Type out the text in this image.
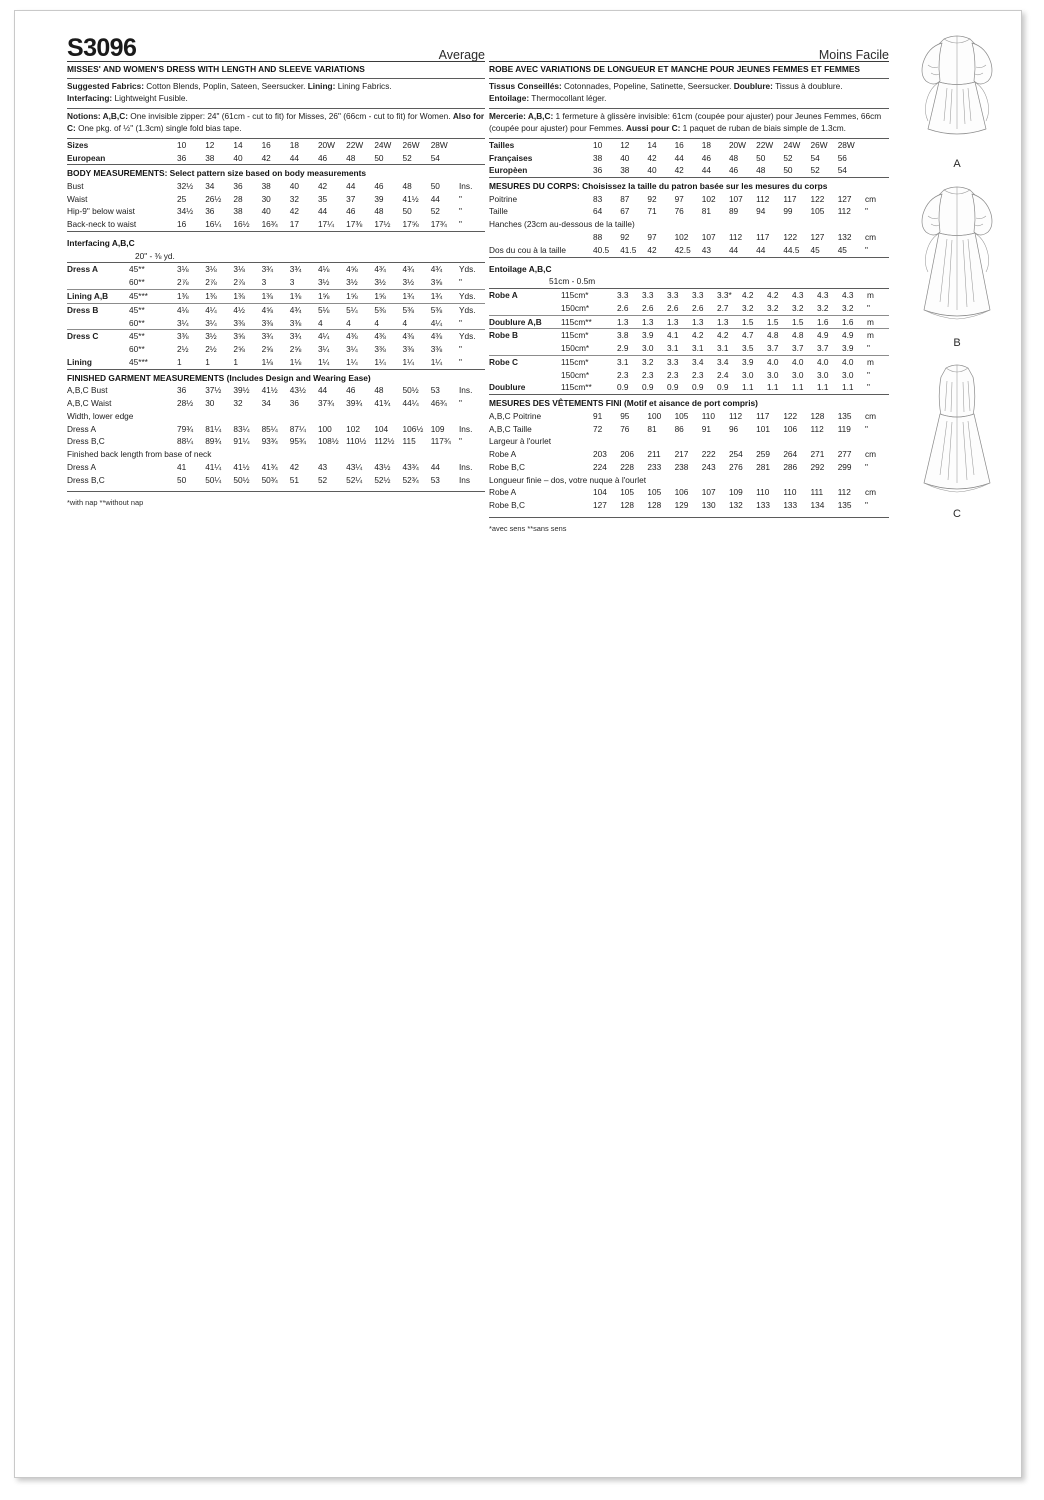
S3096	Average
MISSES' AND WOMEN'S DRESS WITH LENGTH AND SLEEVE VARIATIONS
Suggested Fabrics: Cotton Blends, Poplin, Sateen, Seersucker. Lining: Lining Fabrics.
Interfacing: Lightweight Fusible.
Notions: A,B,C: One invisible zipper: 24" (61cm - cut to fit) for Misses, 26" (66cm - cut to fit) for Women. Also for C: One pkg. of ½" (1.3cm) single fold bias tape.
Sizes	10	12	14	16	18	20W	22W	24W	26W	28W	
European	36	38	40	42	44	46	48	50	52	54	
BODY MEASUREMENTS: Select pattern size based on body measurements
Bust	32½	34	36	38	40	42	44	46	48	50	Ins.
Waist	25	26½	28	30	32	35	37	39	41½	44	"
Hip-9" below waist	34½	36	38	40	42	44	46	48	50	52	"
Back-neck to waist	16	16¼	16½	16¾	17	17¼	17⅜	17½	17⅝	17¾	"
Interfacing A,B,C
20" - ⅜ yd.
Dress A	45**	3⅛	3⅛	3⅛	3¾	3¾	4⅛	4⅝	4¾	4¾	4¾	Yds.
	60**	2⅞	2⅞	2⅞	3	3	3½	3½	3½	3½	3⅝	"
Lining A,B	45***	1⅜	1⅜	1⅜	1⅜	1⅜	1⅝	1⅝	1⅝	1¾	1¾	Yds.
Dress B	45**	4⅛	4¼	4½	4⅝	4¾	5⅛	5¼	5⅜	5⅜	5⅜	Yds.
	60**	3¼	3¼	3⅜	3⅜	3⅜	4	4	4	4	4¼	"
Dress C	45**	3⅜	3½	3⅝	3¾	3¾	4¼	4⅜	4⅜	4⅜	4⅜	Yds.
	60**	2½	2½	2⅝	2⅝	2⅝	3¼	3¼	3⅜	3⅜	3⅜	"
Lining	45***	1	1	1	1⅛	1⅛	1¼	1¼	1¼	1¼	1¼	"
FINISHED GARMENT MEASUREMENTS (Includes Design and Wearing Ease)
A,B,C Bust	36	37½	39½	41½	43½	44	46	48	50½	53	Ins.
A,B,C Waist	28½	30	32	34	36	37¾	39¾	41¾	44¼	46¾	"
Width, lower edge
Dress A	79¾	81¼	83¼	85¼	87¼	100	102	104	106½	109	Ins.
Dress B,C	88¼	89¾	91¼	93¾	95¾	108½	110½	112½	115	117¾	"
Finished back length from base of neck
Dress A	41	41¼	41½	41¾	42	43	43¼	43½	43¾	44	Ins.
Dress B,C	50	50¼	50½	50¾	51	52	52¼	52½	52¾	53	Ins
*with nap **without nap
Moins Facile
ROBE AVEC VARIATIONS DE LONGUEUR ET MANCHE POUR JEUNES FEMMES ET FEMMES
Tissus Conseillés: Cotonnades, Popeline, Satinette, Seersucker. Doublure: Tissus à doublure.
Entoilage: Thermocollant léger.
Mercerie: A,B,C: 1 fermeture à glissère invisible: 61cm (coupée pour ajuster) pour Jeunes Femmes, 66cm (coupée pour ajuster) pour Femmes. Aussi pour C: 1 paquet de ruban de biais simple de 1.3cm.
Tailles	10	12	14	16	18	20W	22W	24W	26W	28W	
Françaises	38	40	42	44	46	48	50	52	54	56	
Europèen	36	38	40	42	44	46	48	50	52	54	
MESURES DU CORPS: Choisissez la taille du patron basée sur les mesures du corps
Poitrine	83	87	92	97	102	107	112	117	122	127	cm
Taille	64	67	71	76	81	89	94	99	105	112	"
Hanches (23cm au-dessous de la taille)
	88	92	97	102	107	112	117	122	127	132	cm
Dos du cou à la taille	40.5	41.5	42	42.5	43	44	44	44.5	45	45	"
Entoilage A,B,C
51cm - 0.5m
Robe A	115cm*	3.3	3.3	3.3	3.3	3.3*	4.2	4.2	4.3	4.3	4.3	m
	150cm*	2.6	2.6	2.6	2.6	2.7	3.2	3.2	3.2	3.2	3.2	"
Doublure A,B	115cm**	1.3	1.3	1.3	1.3	1.3	1.5	1.5	1.5	1.6	1.6	m
Robe B	115cm*	3.8	3.9	4.1	4.2	4.2	4.7	4.8	4.8	4.9	4.9	m
	150cm*	2.9	3.0	3.1	3.1	3.1	3.5	3.7	3.7	3.7	3.9	"
Robe C	115cm*	3.1	3.2	3.3	3.4	3.4	3.9	4.0	4.0	4.0	4.0	m
	150cm*	2.3	2.3	2.3	2.3	2.4	3.0	3.0	3.0	3.0	3.0	"
Doublure	115cm**	0.9	0.9	0.9	0.9	0.9	1.1	1.1	1.1	1.1	1.1	"
MESURES DES VÊTEMENTS FINI (Motif et aisance de port compris)
A,B,C Poitrine	91	95	100	105	110	112	117	122	128	135	cm
A,B,C Taille	72	76	81	86	91	96	101	106	112	119	"
Largeur à l'ourlet
Robe A	203	206	211	217	222	254	259	264	271	277	cm
Robe B,C	224	228	233	238	243	276	281	286	292	299	"
Longueur finie – dos, votre nuque à l'ourlet
Robe A	104	105	105	106	107	109	110	110	111	112	cm
Robe B,C	127	128	128	129	130	132	133	133	134	135	"
*avec sens **sans sens
A
B
C
